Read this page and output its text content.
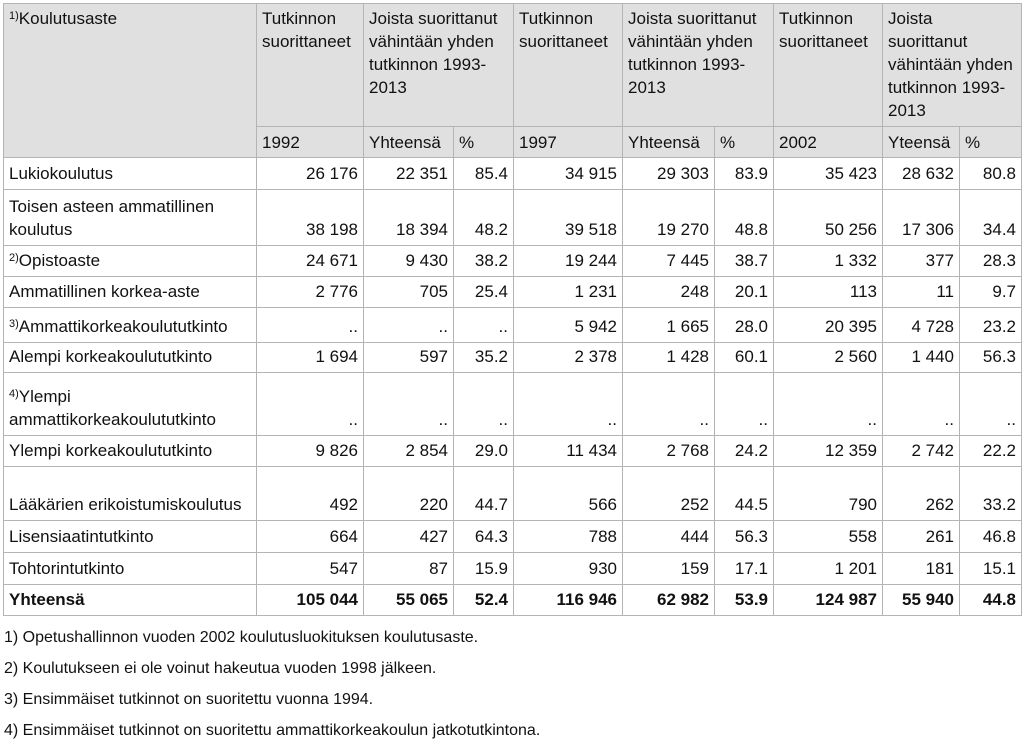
$^{1)}$Koulutusaste	Tutkinnon suorittaneet	Joista suorittanut vähintään yhden tutkinnon 1993-2013		Tutkinnon suorittaneet	Joista suorittanut vähintään yhden tutkinnon 1993-2013		Tutkinnon suorittaneet	Joista suorittanut vähintään yhden tutkinnon 1993-2013	
	1992	Yhteensä	%	1997	Yhteensä	%	2002	Yteensä	%
Lukiokoulutus	26 176	22 351	85.4	34 915	29 303	83.9	35 423	28 632	80.8
Toisen asteen ammatillinen koulutus	38 198	18 394	48.2	39 518	19 270	48.8	50 256	17 306	34.4
$^{2)}$Opistoaste	24 671	9 430	38.2	19 244	7 445	38.7	1 332	377	28.3
Ammatillinen korkea-aste	2 776	705	25.4	1 231	248	20.1	113	11	9.7
$^{3)}$Ammattikorkeakoulututkinto	..	..	..	5 942	1 665	28.0	20 395	4 728	23.2
Alempi korkeakoulututkinto	1 694	597	35.2	2 378	1 428	60.1	2 560	1 440	56.3
$^{4)}$Ylempi ammattikorkeakoulututkinto	..	..	..	..	..	..	..	..	..
Ylempi korkeakoulututkinto	9 826	2 854	29.0	11 434	2 768	24.2	12 359	2 742	22.2
Lääkärien erikoistumiskoulutus	492	220	44.7	566	252	44.5	790	262	33.2
Lisensiaatintutkinto	664	427	64.3	788	444	56.3	558	261	46.8
Tohtorintutkinto	547	87	15.9	930	159	17.1	1 201	181	15.1
Yhteensä	105 044	55 065	52.4	116 946	62 982	53.9	124 987	55 940	44.8
1) Opetushallinnon vuoden 2002 koulutusluokituksen koulutusaste.
2) Koulutukseen ei ole voinut hakeutua vuoden 1998 jälkeen.
3) Ensimmäiset tutkinnot on suoritettu vuonna 1994.
4) Ensimmäiset tutkinnot on suoritettu ammattikorkeakoulun jatkotutkintona.
